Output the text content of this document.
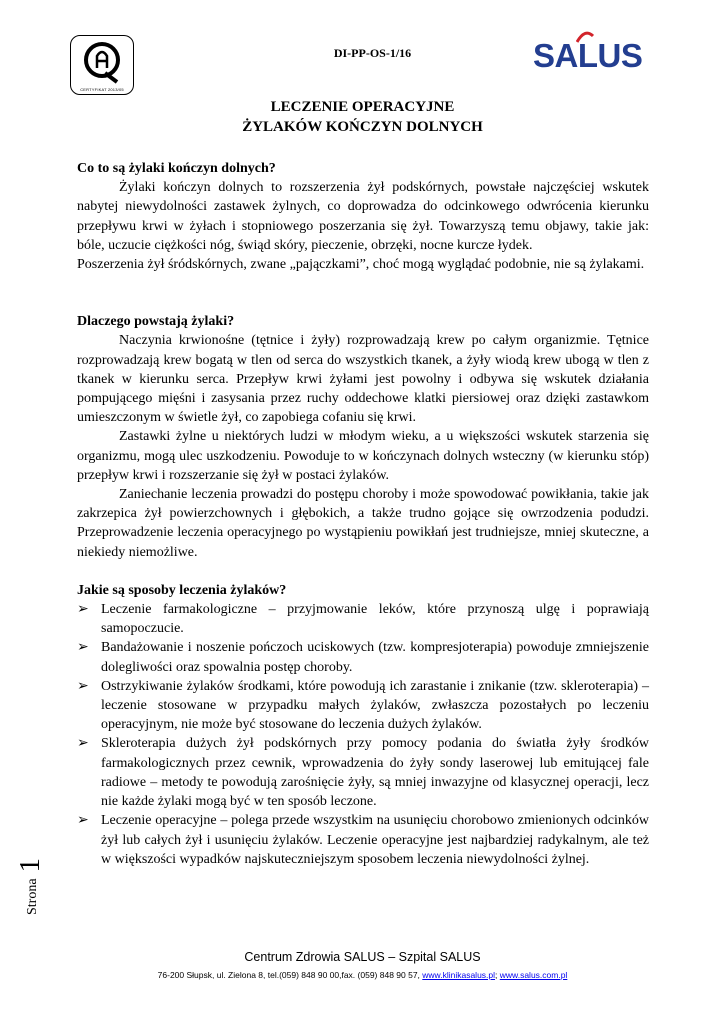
CERTYFIKAT 2013/05
DI-PP-OS-1/16	SA
LUS
LECZENIE OPERACYJNE
ŻYLAKÓW KOŃCZYN DOLNYCH
Co to są żylaki kończyn dolnych?

Żylaki kończyn dolnych to rozszerzenia żył podskórnych, powstałe najczęściej wskutek nabytej niewydolności zastawek żylnych, co doprowadza do odcinkowego odwrócenia kierunku przepływu krwi w żyłach i stopniowego poszerzania się żył. Towarzyszą temu objawy, takie jak: bóle, uczucie ciężkości nóg, świąd skóry, pieczenie, obrzęki, nocne kurcze łydek.

Poszerzenia żył śródskórnych, zwane „pajączkami”, choć mogą wyglądać podobnie, nie są żylakami.

Dlaczego powstają żylaki?

Naczynia krwionośne (tętnice i żyły) rozprowadzają krew po całym organizmie. Tętnice rozprowadzają krew bogatą w tlen od serca do wszystkich tkanek, a żyły wiodą krew ubogą w tlen z tkanek w kierunku serca. Przepływ krwi żyłami jest powolny i odbywa się wskutek działania pompującego mięśni i zasysania przez ruchy oddechowe klatki piersiowej oraz dzięki zastawkom umieszczonym w świetle żył, co zapobiega cofaniu się krwi.

Zastawki żylne u niektórych ludzi w młodym wieku, a u większości wskutek starzenia się organizmu, mogą ulec uszkodzeniu. Powoduje to w kończynach dolnych wsteczny (w kierunku stóp) przepływ krwi i rozszerzanie się żył w postaci żylaków.

Zaniechanie leczenia prowadzi do postępu choroby i może spowodować powikłania, takie jak zakrzepica żył powierzchownych i głębokich, a także trudno gojące się owrzodzenia podudzi. Przeprowadzenie leczenia operacyjnego po wystąpieniu powikłań jest trudniejsze, mniej skuteczne, a niekiedy niemożliwe.

Jakie są sposoby leczenia żylaków?
➢ Leczenie farmakologiczne – przyjmowanie leków, które przynoszą ulgę i poprawiają samopoczucie.
➢ Bandażowanie i noszenie pończoch uciskowych (tzw. kompresjoterapia) powoduje zmniejszenie dolegliwości oraz spowalnia postęp choroby.
➢ Ostrzykiwanie żylaków środkami, które powodują ich zarastanie i znikanie (tzw. skleroterapia) – leczenie stosowane w przypadku małych żylaków, zwłaszcza pozostałych po leczeniu operacyjnym, nie może być stosowane do leczenia dużych żylaków.
➢ Skleroterapia dużych żył podskórnych przy pomocy podania do światła żyły środków farmakologicznych przez cewnik, wprowadzenia do żyły sondy laserowej lub emitującej fale radiowe – metody te powodują zarośnięcie żyły, są mniej inwazyjne od klasycznej operacji, lecz nie każde żylaki mogą być w ten sposób leczone.
➢ Leczenie operacyjne – polega przede wszystkim na usunięciu chorobowo zmienionych odcinków żył lub całych żył i usunięciu żylaków. Leczenie operacyjne jest najbardziej radykalnym, ale też w większości wypadków najskuteczniejszym sposobem leczenia niewydolności żylnej.
Strona1
Centrum Zdrowia SALUS – Szpital SALUS
76-200 Słupsk, ul. Zielona 8, tel.(059) 848 90 00,fax. (059) 848 90 57, www.klinikasalus.pl; www.salus.com.pl
